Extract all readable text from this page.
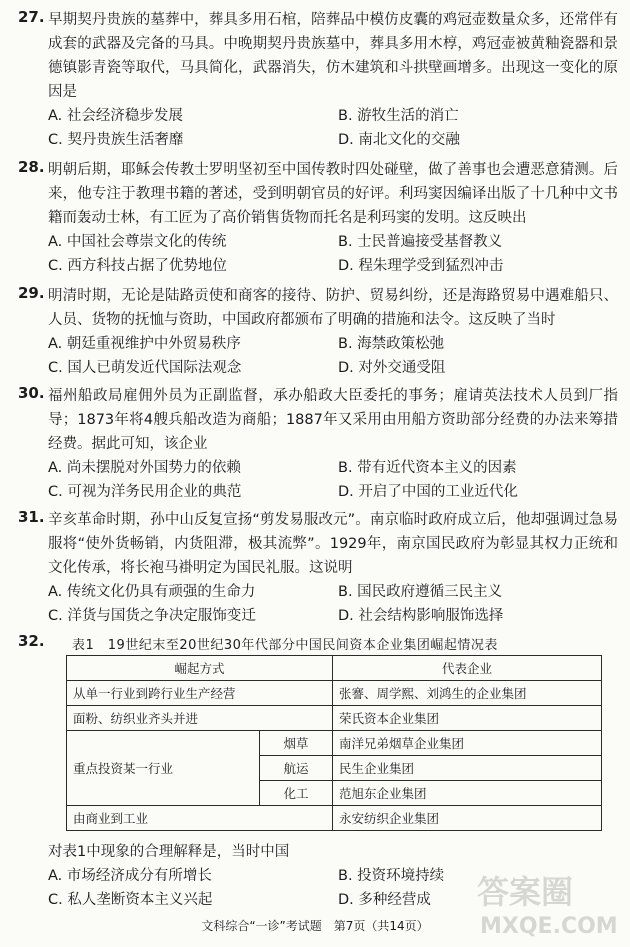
27. 早期契丹贵族的墓葬中，葬具多用石棺，陪葬品中模仿皮囊的鸡冠壶数量众多，还常伴有成套的武器及完备的马具。中晚期契丹贵族墓中，葬具多用木椁，鸡冠壶被黄釉瓷器和景德镇影青瓷等取代，马具简化，武器消失，仿木建筑和斗拱壁画增多。出现这一变化的原因是
A. 社会经济稳步发展	B. 游牧生活的消亡
C. 契丹贵族生活奢靡	D. 南北文化的交融
28. 明朝后期，耶稣会传教士罗明坚初至中国传教时四处碰壁，做了善事也会遭恶意猜测。后来，他专注于教理书籍的著述，受到明朝官员的好评。利玛窦因编译出版了十几种中文书籍而轰动士林，有工匠为了高价销售货物而托名是利玛窦的发明。这反映出
A. 中国社会尊崇文化的传统	B. 士民普遍接受基督教义
C. 西方科技占据了优势地位	D. 程朱理学受到猛烈冲击
29. 明清时期，无论是陆路贡使和商客的接待、防护、贸易纠纷，还是海路贸易中遇难船只、人员、货物的抚恤与资助，中国政府都颁布了明确的措施和法令。这反映了当时
A. 朝廷重视维护中外贸易秩序	B. 海禁政策松弛
C. 国人已萌发近代国际法观念	D. 对外交通受阻
30. 福州船政局雇佣外员为正副监督，承办船政大臣委托的事务；雇请英法技术人员到厂指导；1873年将4艘兵船改造为商船；1887年又采用由用船方资助部分经费的办法来筹措经费。据此可知，该企业
A. 尚未摆脱对外国势力的依赖	B. 带有近代资本主义的因素
C. 可视为洋务民用企业的典范	D. 开启了中国的工业近代化
31. 辛亥革命时期，孙中山反复宣扬“剪发易服改元”。南京临时政府成立后，他却强调过急易服将“使外货畅销，内货阻滞，极其流弊”。1929年，南京国民政府为彰显其权力正统和文化传承，将长袍马褂明定为国民礼服。这说明
A. 传统文化仍具有顽强的生命力	B. 国民政府遵循三民主义
C. 洋货与国货之争决定服饰变迁	D. 社会结构影响服饰选择
32. 表1　19世纪末至20世纪30年代部分中国民间资本企业集团崛起情况表
崛起方式		代表企业
从单一行业到跨行业生产经营		张謇、周学熙、刘鸿生的企业集团
面粉、纺织业齐头并进		荣氏资本企业集团
重点投资某一行业	烟草	南洋兄弟烟草企业集团
	航运	民生企业集团
	化工	范旭东企业集团
由商业到工业		永安纺织企业集团
对表1中现象的合理解释是，当时中国
A. 市场经济成分有所增长	B. 投资环境持续
C. 私人垄断资本主义兴起	D. 多种经营成
文科综合“一诊”考试题　第7页（共14页）
答案圈
MXQE.COM
